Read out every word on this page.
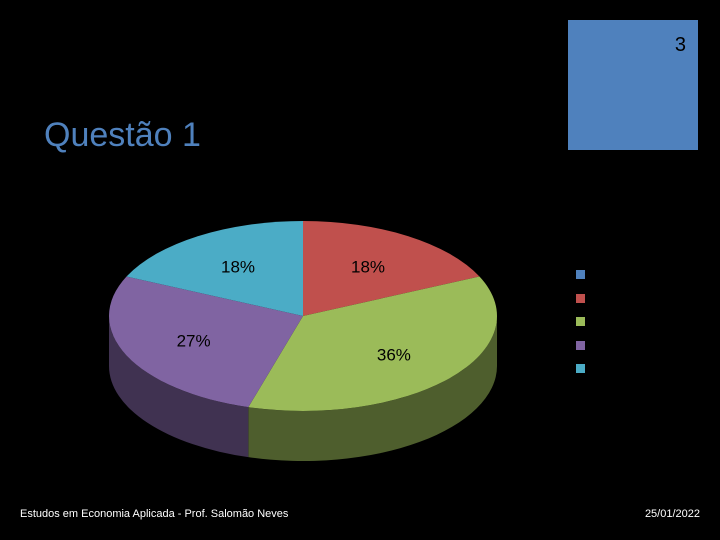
3
Questão 1
18%
36%
27%
18%
Estudos em Economia Aplicada - Prof. Salomão Neves	25/01/2022
